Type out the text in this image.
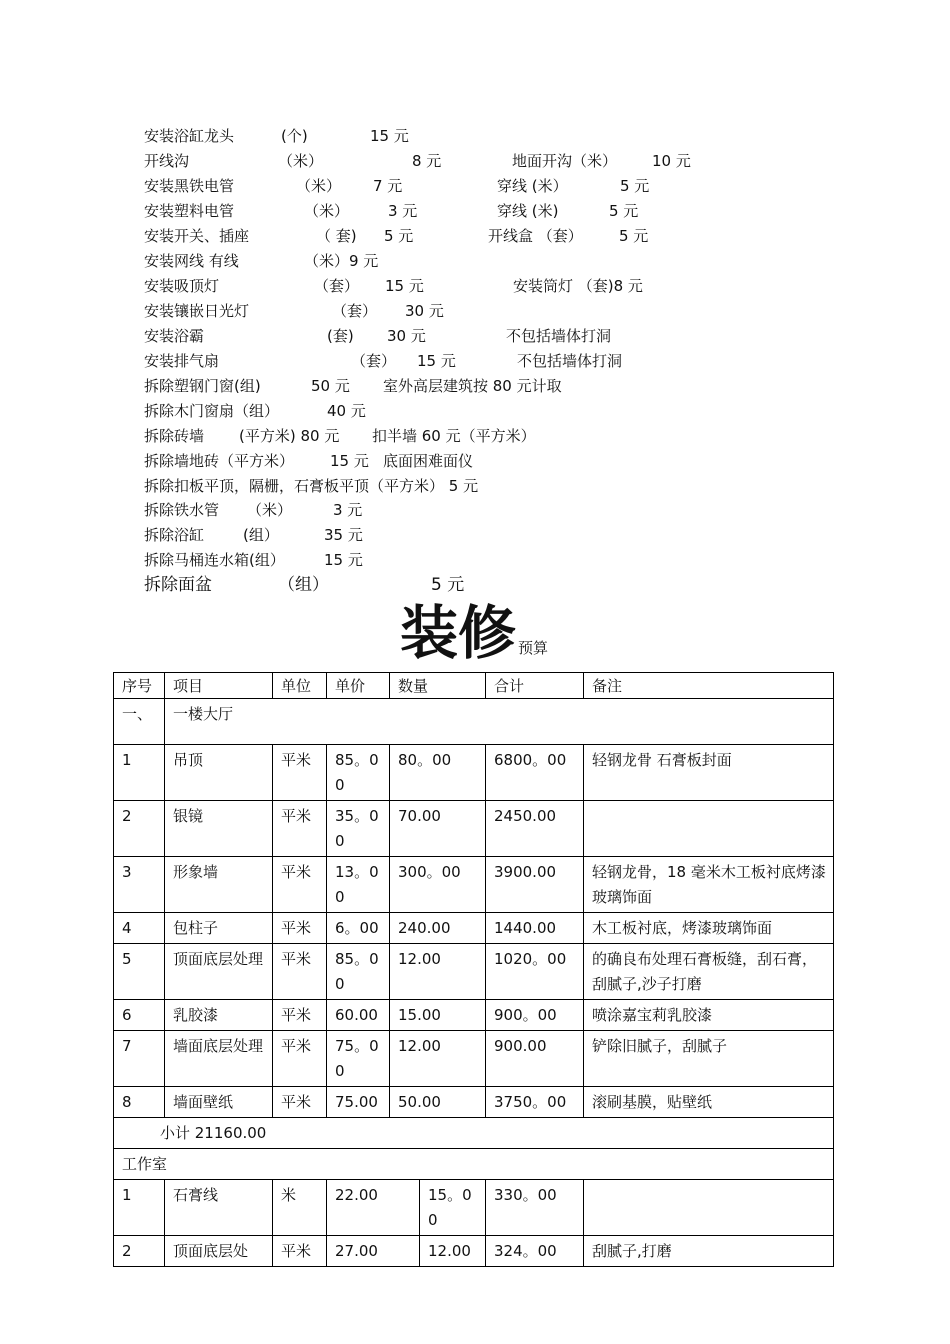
安装浴缸龙头	(个)	15 元
开线沟	（米）	8 元	地面开沟（米） 10 元
安装黑铁电管	（米） 7 元	穿线 (米）	5 元
安装塑料电管	（米）	3 元	穿线 (米)	5 元
安装开关、插座	（ 套) 5 元	开线盒 （套） 5 元
安装网线 有线	（米）9 元
安装吸顶灯	（套） 15 元	安装筒灯 （套)8 元
安装镶嵌日光灯	（套） 30 元
安装浴霸	(套) 30 元	不包括墙体打洞
安装排气扇	（套） 15 元	不包括墙体打洞
拆除塑钢门窗(组)	50 元 室外高层建筑按 80 元计取
拆除木门窗扇（组）	40 元
拆除砖墙 (平方米) 80 元 扣半墙 60 元（平方米）
拆除墙地砖（平方米） 15 元 底面困难面仪
拆除扣板平顶，隔栅，石膏板平顶（平方米） 5 元
拆除铁水管 （米）	3 元
拆除浴缸	(组）	35 元
拆除马桶连水箱(组）	15 元
拆除面盆	（组）	5 元
装修 预算
序号	项目	单位	单价	数量		合计	备注
一、	一楼大厅						
1	吊顶	平米	85。00	80。00		6800。00	轻钢龙骨 石膏板封面
2	银镜	平米	35。00	70.00		2450.00	
3	形象墙	平米	13。00	300。00		3900.00	轻钢龙骨，18 毫米木工板衬底烤漆玻璃饰面
4	包柱子	平米	6。00	240.00		1440.00	木工板衬底，烤漆玻璃饰面
5	顶面底层处理	平米	85。00	12.00		1020。00	的确良布处理石膏板缝，刮石膏，刮腻子,沙子打磨
6	乳胶漆	平米	60.00	15.00		900。00	喷涂嘉宝莉乳胶漆
7	墙面底层处理	平米	75。00	12.00		900.00	铲除旧腻子，刮腻子
8	墙面壁纸	平米	75.00	50.00		3750。00	滚刷基膜，贴壁纸
小计 21160.00							
工作室							
1	石膏线	米	22.00		15。00	330。00	
2	顶面底层处	平米	27.00		12.00	324。00	刮腻子,打磨
